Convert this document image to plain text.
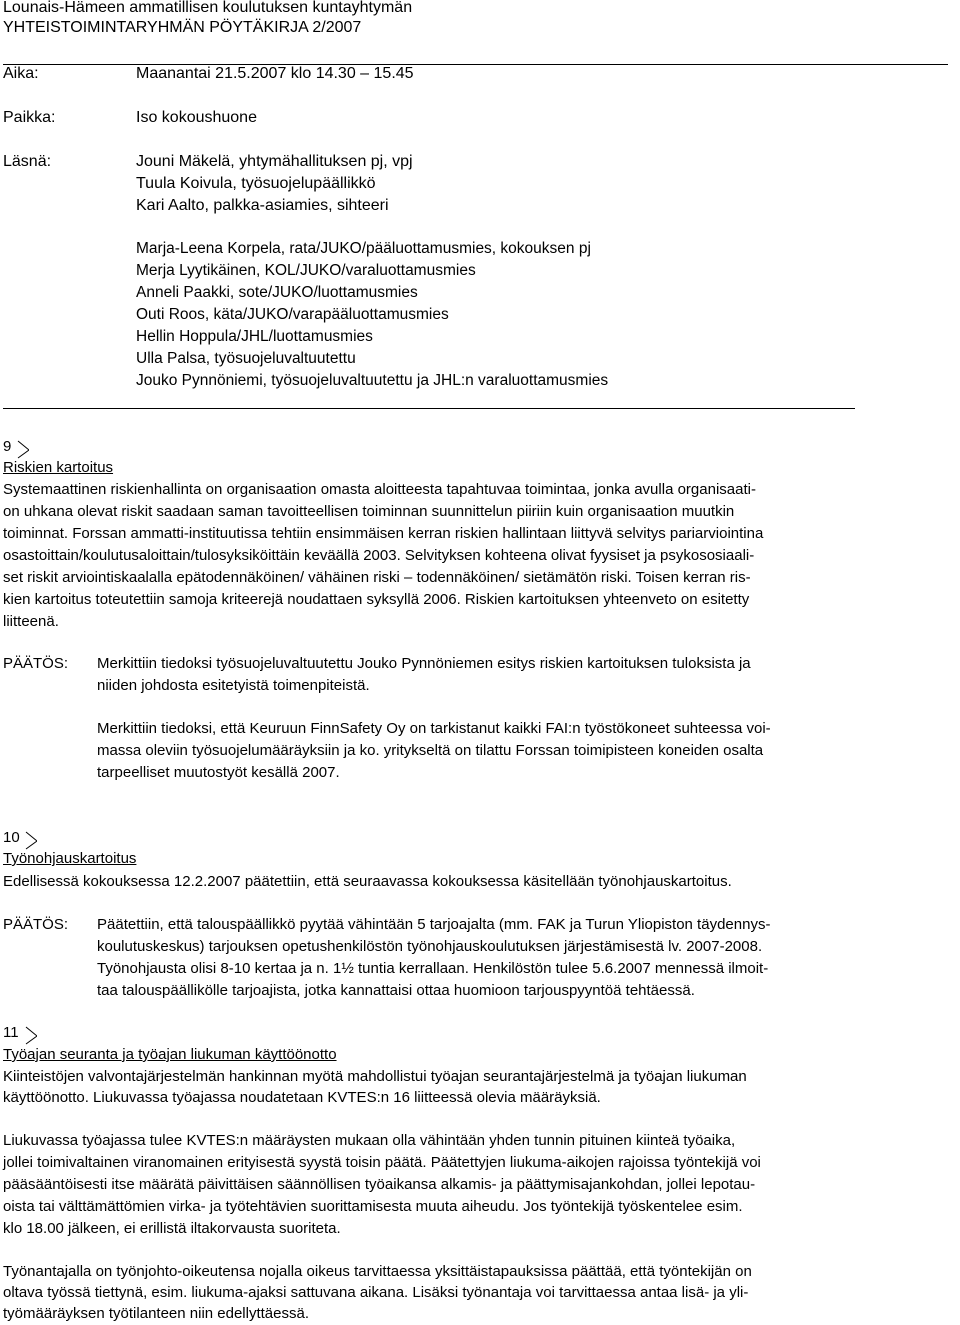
Lounais-Hämeen ammatillisen koulutuksen kuntayhtymän
YHTEISTOIMINTARYHMÄN PÖYTÄKIRJA 2/2007
Aika:	Maanantai 21.5.2007 klo 14.30 – 15.45
Paikka:	Iso kokoushuone
Läsnä:	Jouni Mäkelä, yhtymähallituksen pj, vpj
Tuula Koivula, työsuojelupäällikkö
Kari Aalto, palkka-asiamies, sihteeri
Marja-Leena Korpela, rata/JUKO/pääluottamusmies, kokouksen pj
Merja Lyytikäinen, KOL/JUKO/varaluottamusmies
Anneli Paakki, sote/JUKO/luottamusmies
Outi Roos, käta/JUKO/varapääluottamusmies
Hellin Hoppula/JHL/luottamusmies
Ulla Palsa, työsuojeluvaltuutettu
Jouko Pynnöniemi, työsuojeluvaltuutettu ja JHL:n varaluottamusmies
9
Riskien kartoitus
Systemaattinen riskienhallinta on organisaation omasta aloitteesta tapahtuvaa toimintaa, jonka avulla organisaati-
on uhkana olevat riskit saadaan saman tavoitteellisen toiminnan suunnittelun piiriin kuin organisaation muutkin
toiminnat. Forssan ammatti-instituutissa tehtiin ensimmäisen kerran riskien hallintaan liittyvä selvitys pariarviointina
osastoittain/koulutusaloittain/tulosyksiköittäin keväällä 2003. Selvityksen kohteena olivat fyysiset ja psykososiaali-
set riskit arviointiskaalalla epätodennäköinen/ vähäinen riski – todennäköinen/ sietämätön riski. Toisen kerran ris-
kien kartoitus toteutettiin samoja kriteerejä noudattaen syksyllä 2006. Riskien kartoituksen yhteenveto on esitetty
liitteenä.
PÄÄTÖS: Merkittiin tiedoksi työsuojeluvaltuutettu Jouko Pynnöniemen esitys riskien kartoituksen tuloksista ja
niiden johdosta esitetyistä toimenpiteistä.
Merkittiin tiedoksi, että Keuruun FinnSafety Oy on tarkistanut kaikki FAI:n työstökoneet suhteessa voi-
massa oleviin työsuojelumääräyksiin ja ko. yritykseltä on tilattu Forssan toimipisteen koneiden osalta
tarpeelliset muutostyöt kesällä 2007.
10
Työnohjauskartoitus
Edellisessä kokouksessa 12.2.2007 päätettiin, että seuraavassa kokouksessa käsitellään työnohjauskartoitus.
PÄÄTÖS: Päätettiin, että talouspäällikkö pyytää vähintään 5 tarjoajalta (mm. FAK ja Turun Yliopiston täydennys-
koulutuskeskus) tarjouksen opetushenkilöstön työnohjauskoulutuksen järjestämisestä lv. 2007-2008.
Työnohjausta olisi 8-10 kertaa ja n. 1½ tuntia kerrallaan. Henkilöstön tulee 5.6.2007 mennessä ilmoit-
taa talouspäällikölle tarjoajista, jotka kannattaisi ottaa huomioon tarjouspyyntöä tehtäessä.
11
Työajan seuranta ja työajan liukuman käyttöönotto
Kiinteistöjen valvontajärjestelmän hankinnan myötä mahdollistui työajan seurantajärjestelmä ja työajan liukuman
käyttöönotto. Liukuvassa työajassa noudatetaan KVTES:n 16 liitteessä olevia määräyksiä.
Liukuvassa työajassa tulee KVTES:n määräysten mukaan olla vähintään yhden tunnin pituinen kiinteä työaika,
jollei toimivaltainen viranomainen erityisestä syystä toisin päätä. Päätettyjen liukuma-aikojen rajoissa työntekijä voi
pääsääntöisesti itse määrätä päivittäisen säännöllisen työaikansa alkamis- ja päättymisajankohdan, jollei lepotau-
oista tai välttämättömien virka- ja työtehtävien suorittamisesta muuta aiheudu. Jos työntekijä työskentelee esim.
klo 18.00 jälkeen, ei erillistä iltakorvausta suoriteta.
Työnantajalla on työnjohto-oikeutensa nojalla oikeus tarvittaessa yksittäistapauksissa päättää, että työntekijän on
oltava työssä tiettynä, esim. liukuma-ajaksi sattuvana aikana. Lisäksi työnantaja voi tarvittaessa antaa lisä- ja yli-
työmääräyksen työtilanteen niin edellyttäessä.
